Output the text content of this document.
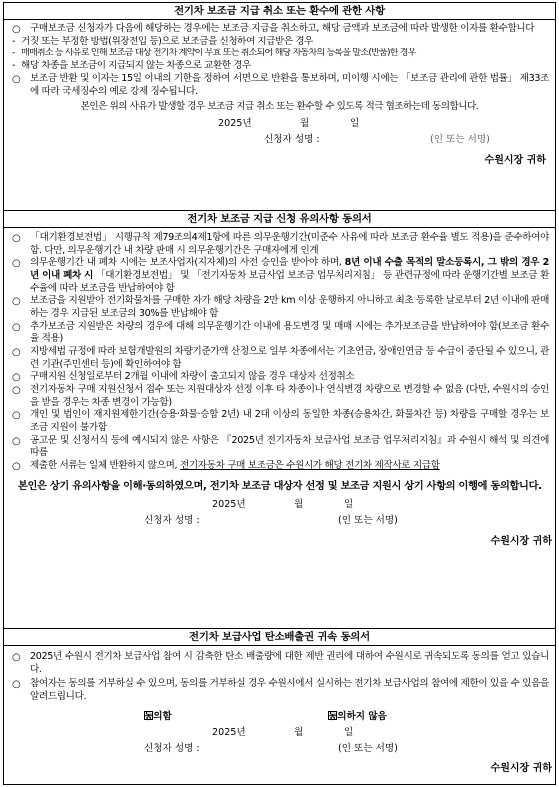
전기차 보조금 지급 취소 또는 환수에 관한 사항
○ 구매보조금 신청자가 다음에 해당하는 경우에는 보조금 지급을 취소하고, 해당 금액과 보조금에 따라 발생한 이자를 환수합니다
- 거짓 또는 부정한 방법(위장전입 등)으로 보조금을 신청하여 지급받은 경우
- 매매취소 등 사유로 인해 보조금 대상 전기차 계약이 무효 또는 취소되어 해당 자동차의 등록을 말소(반품)한 경우
- 해당 차종을 보조금이 지급되지 않는 차종으로 교환한 경우
○ 보조금 반환 및 이자는 15일 이내의 기한을 정하여 서면으로 반환을 통보하며, 미이행 시에는 「보조금 관리에 관한 법률」 제33조에 따라 국세징수의 예로 강제 징수됩니다.
본인은 위의 사유가 발생할 경우 보조금 지급 취소 또는 환수할 수 있도록 적극 협조하는데 동의합니다.
2025년	월	일
신청자 성명 :	(인 또는 서명)
수원시장 귀하
전기차 보조금 지급 신청 유의사항 동의서
○ 「대기환경보전법」 시행규칙 제79조의4제1항에 따른 의무운행기간(미준수 사유에 따라 보조금 환수율 별도 적용)을 준수하여야 함. 다만, 의무운행기간 내 차량 판매 시 의무운행기간은 구매자에게 인계
○ 의무운행기간 내 폐차 시에는 보조사업자(지자체)의 사전 승인을 받아야 하며, 8년 이내 수출 목적의 말소등록시, 그 밖의 경우 2년 이내 폐차 시 「대기환경보전법」 및 「전기자동차 보급사업 보조금 업무처리지침」 등 관련규정에 따라 운행기간별 보조금 환수율에 따라 보조금을 반납하여야 함
○ 보조금을 지원받아 전기화물차를 구매한 자가 해당 차량을 2만 km 이상 운행하지 아니하고 최초 등록한 날로부터 2년 이내에 판매하는 경우 지급된 보조금의 30%를 반납해야 함
○ 추가보조금 지원받은 차량의 경우에 대해 의무운행기간 이내에 용도변경 및 매매 시에는 추가보조금을 반납하여야 함(보조금 환수율 적용)
○ 지방세법 규정에 따라 보험개발원의 차량기준가액 산정으로 일부 차종에서는 기초연금, 장애인연금 등 수급이 중단될 수 있으니, 관련 기관(주민센터 등)에 확인하여야 함
○ 구매지원 신청일로부터 2개월 이내에 차량이 출고되지 않을 경우 대상자 선정취소
○ 전기자동차 구매 지원신청서 접수 또는 지원대상자 선정 이후 타 차종이나 연식변경 차량으로 변경할 수 없음 (다만, 수원시의 승인을 받을 경우는 차종 변경이 가능함)
○ 개인 및 법인이 재지원제한기간(승용·화물·승합 2년) 내 2대 이상의 동일한 차종(승용차간, 화물차간 등) 차량을 구매할 경우는 보조금 지원이 불가함
○ 공고문 및 신청서식 등에 예시되지 않은 사항은 『2025년 전기자동차 보급사업 보조금 업무처리지침』과 수원시 해석 및 의견에 따름
○ 제출한 서류는 일체 반환하지 않으며, 전기자동차 구매 보조금은 수원시가 해당 전기차 제작사로 지급함
본인은 상기 유의사항을 이해·동의하였으며, 전기차 보조금 대상자 선정 및 보조금 지원시 상기 사항의 이행에 동의합니다.
2025년	월	일
신청자 성명 :	(인 또는 서명)
수원시장 귀하
전기차 보급사업 탄소배출권 귀속 동의서
○ 2025년 수원시 전기차 보급사업 참여 시 감축한 탄소 배출량에 대한 제반 권리에 대하여 수원시로 귀속되도록 동의를 얻고 있습니다.
○ 참여자는 동의를 거부하실 수 있으며, 동의를 거부하실 경우 수원시에서 실시하는 전기차 보급사업의 참여에 제한이 있을 수 있음을 알려드립니다.
동의함	동의하지 않음
2025년	월	일
신청자 성명 :	(인 또는 서명)
수원시장 귀하
